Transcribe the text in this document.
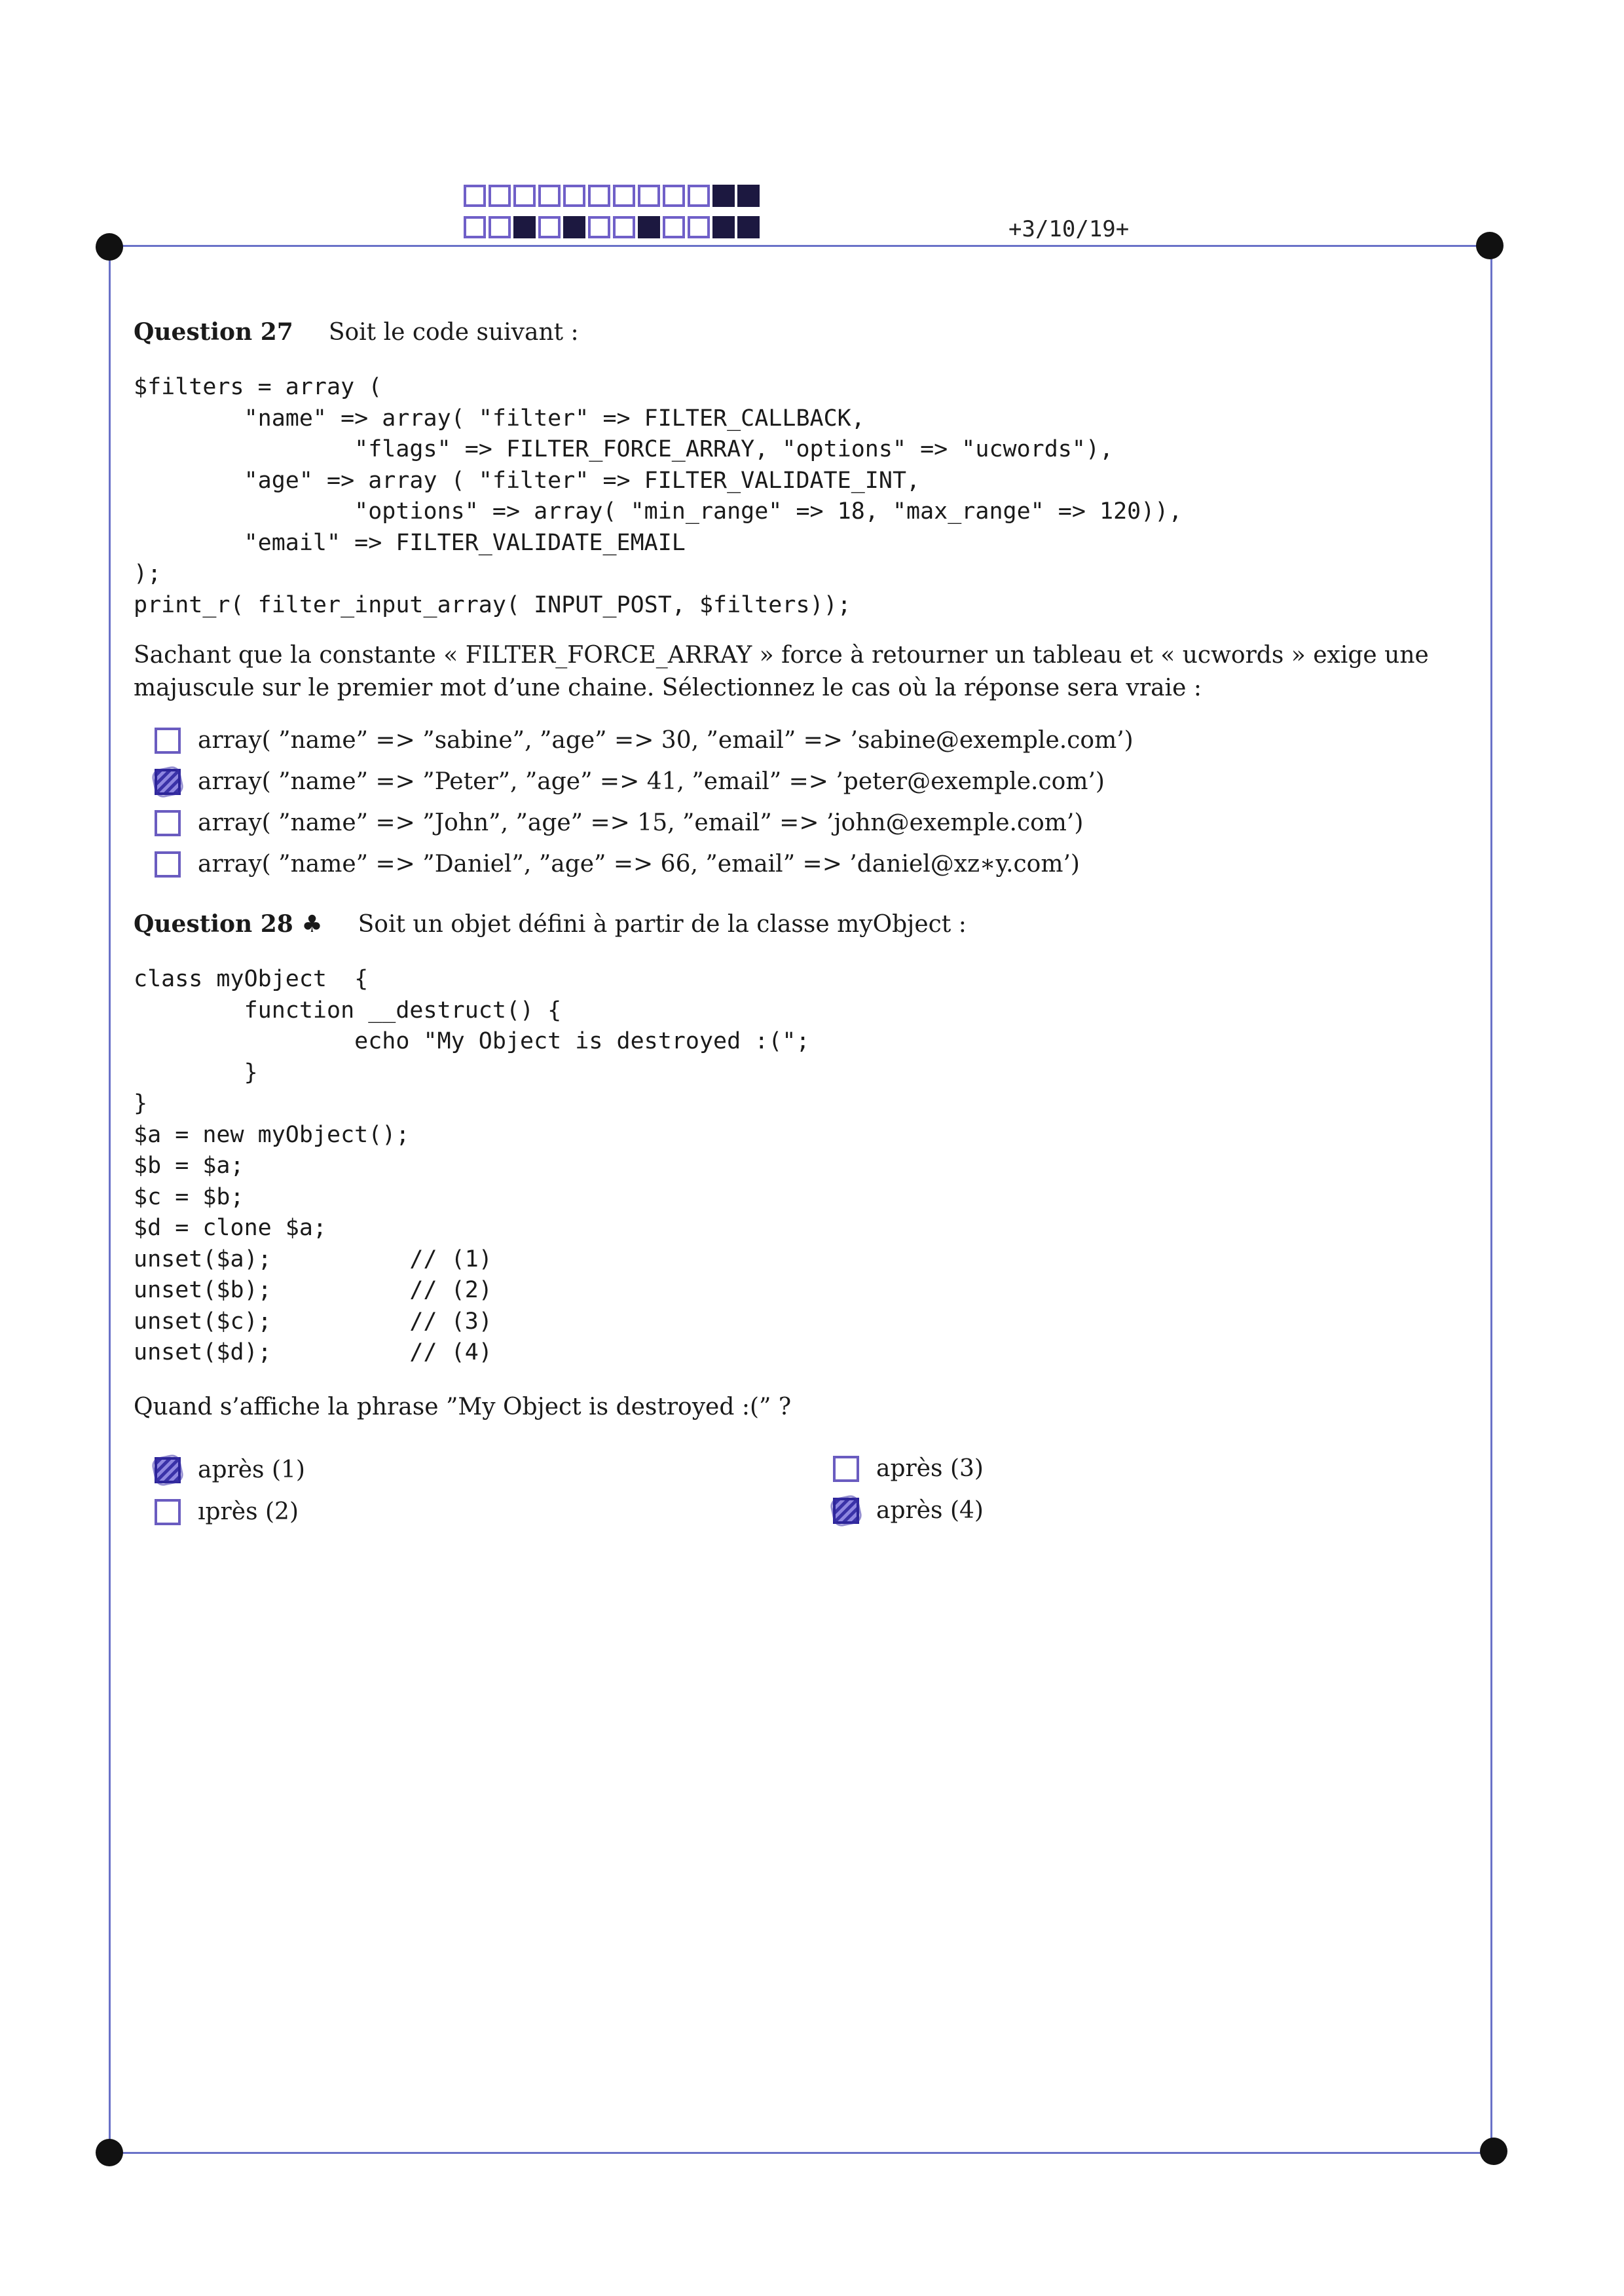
+3/10/19+
Question 27 Soit le code suivant :
$filters = array (
"name" => array( "filter" => FILTER_CALLBACK,
"flags" => FILTER_FORCE_ARRAY, "options" => "ucwords"),
"age" => array ( "filter" => FILTER_VALIDATE_INT,
"options" => array( "min_range" => 18, "max_range" => 120)),
"email" => FILTER_VALIDATE_EMAIL
);
print_r( filter_input_array( INPUT_POST, $filters));
Sachant que la constante « FILTER_FORCE_ARRAY » force à retourner un tableau et « ucwords » exige une majuscule sur le premier mot d’une chaine. Sélectionnez le cas où la réponse sera vraie :
array( ”name” => ”sabine”, ”age” => 30, ”email” => ’sabine@exemple.com’)
array( ”name” => ”Peter”, ”age” => 41, ”email” => ’peter@exemple.com’)
array( ”name” => ”John”, ”age” => 15, ”email” => ’john@exemple.com’)
array( ”name” => ”Daniel”, ”age” => 66, ”email” => ’daniel@xz∗y.com’)
Question 28 ♣ Soit un objet défini à partir de la classe myObject :
class myObject  {
function __destruct() {
echo "My Object is destroyed :(";
}
}
$a = new myObject();
$b = $a;
$c = $b;
$d = clone $a;
unset($a);          // (1)
unset($b);          // (2)
unset($c);          // (3)
unset($d);          // (4)
Quand s’affiche la phrase ”My Object is destroyed :(” ?
après (1)
ıprès (2)
après (3)
après (4)
